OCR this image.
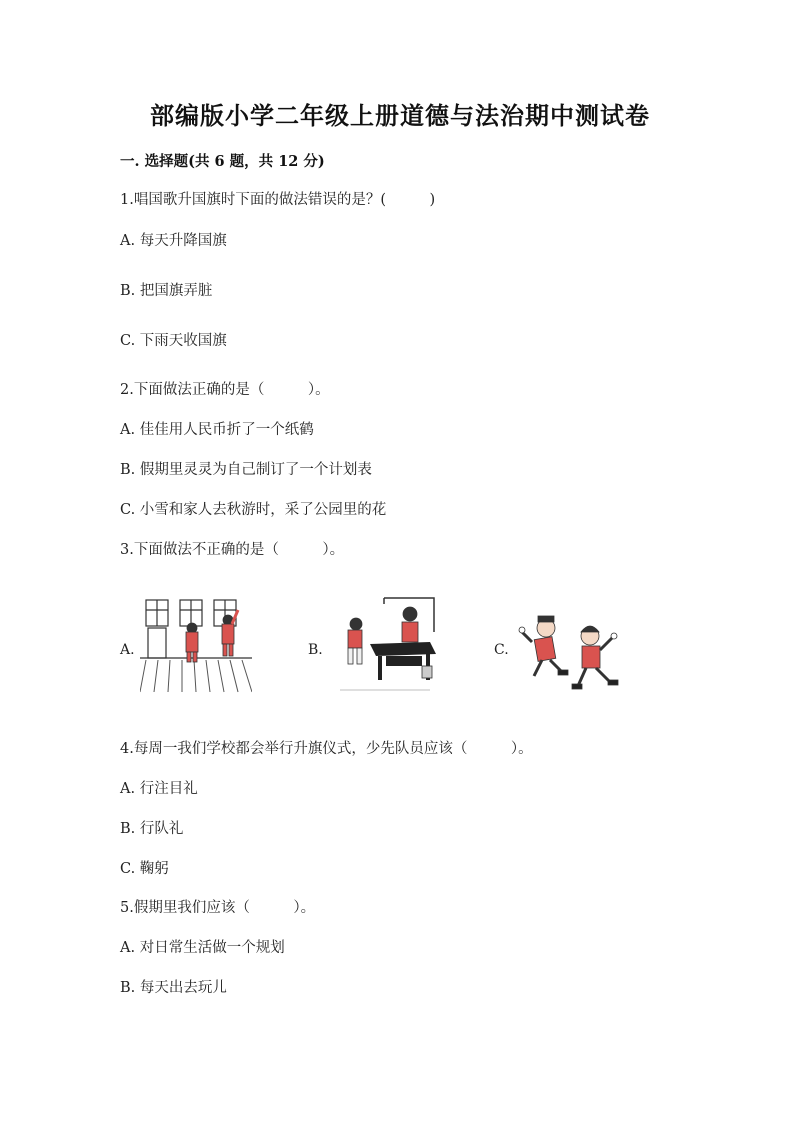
部编版小学二年级上册道德与法治期中测试卷
一. 选择题(共 6 题，共 12 分)
1.唱国歌升国旗时下面的做法错误的是？(　　　)
A. 每天升降国旗
B. 把国旗弄脏
C. 下雨天收国旗
2.下面做法正确的是（　　　）。
A. 佳佳用人民币折了一个纸鹤
B. 假期里灵灵为自己制订了一个计划表
C. 小雪和家人去秋游时，采了公园里的花
3.下面做法不正确的是（　　　）。
A.	B.	C.
4.每周一我们学校都会举行升旗仪式，少先队员应该（　　　）。
A. 行注目礼
B. 行队礼
C. 鞠躬
5.假期里我们应该（　　　）。
A. 对日常生活做一个规划
B. 每天出去玩儿
